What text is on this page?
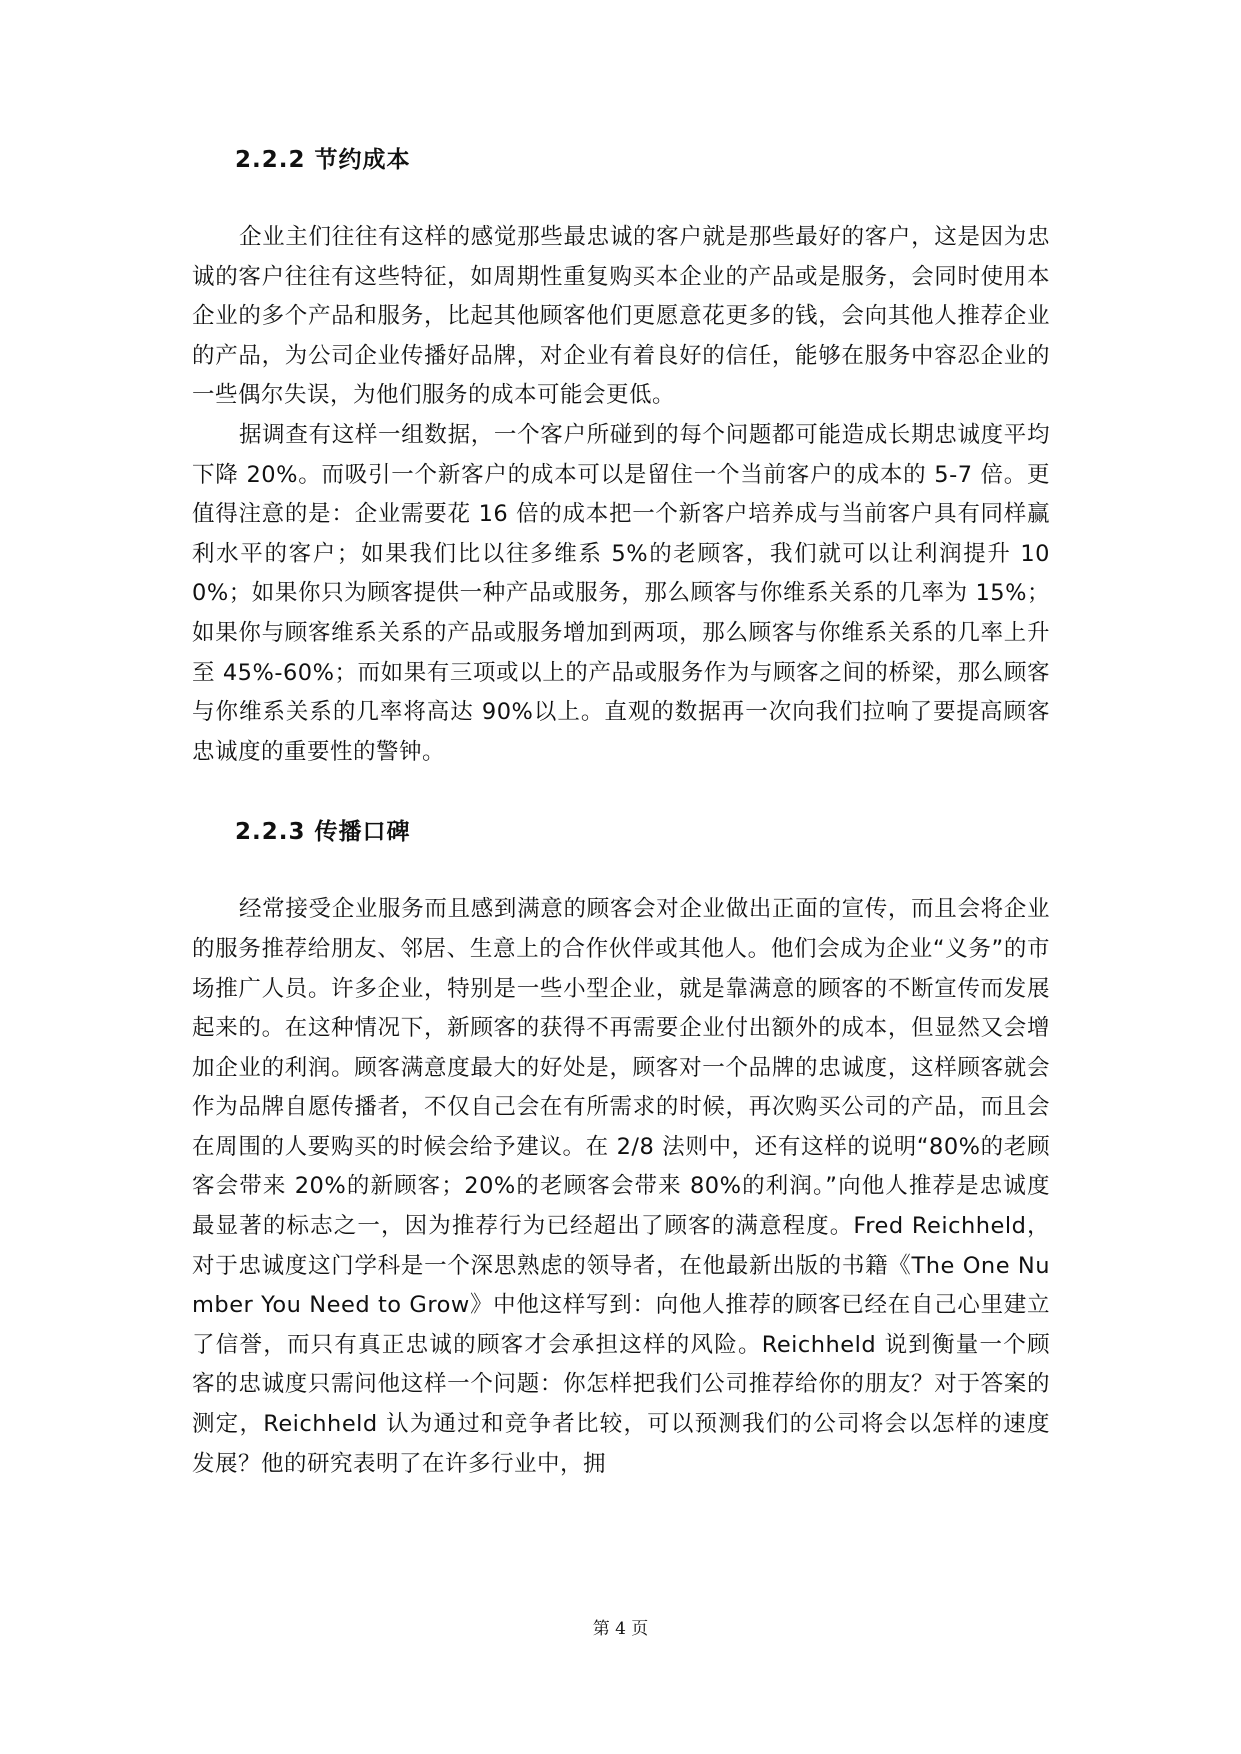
2.2.2 节约成本

企业主们往往有这样的感觉那些最忠诚的客户就是那些最好的客户，这是因为忠诚的客户往往有这些特征，如周期性重复购买本企业的产品或是服务，会同时使用本企业的多个产品和服务，比起其他顾客他们更愿意花更多的钱，会向其他人推荐企业的产品，为公司企业传播好品牌，对企业有着良好的信任，能够在服务中容忍企业的一些偶尔失误，为他们服务的成本可能会更低。

据调查有这样一组数据，一个客户所碰到的每个问题都可能造成长期忠诚度平均下降 20%。而吸引一个新客户的成本可以是留住一个当前客户的成本的 5-7 倍。更值得注意的是：企业需要花 16 倍的成本把一个新客户培养成与当前客户具有同样赢利水平的客户；如果我们比以往多维系 5%的老顾客，我们就可以让利润提升 100%；如果你只为顾客提供一种产品或服务，那么顾客与你维系关系的几率为 15%；如果你与顾客维系关系的产品或服务增加到两项，那么顾客与你维系关系的几率上升至 45%-60%；而如果有三项或以上的产品或服务作为与顾客之间的桥梁，那么顾客与你维系关系的几率将高达 90%以上。直观的数据再一次向我们拉响了要提高顾客忠诚度的重要性的警钟。

2.2.3 传播口碑

经常接受企业服务而且感到满意的顾客会对企业做出正面的宣传，而且会将企业的服务推荐给朋友、邻居、生意上的合作伙伴或其他人。他们会成为企业“义务”的市场推广人员。许多企业，特别是一些小型企业，就是靠满意的顾客的不断宣传而发展起来的。在这种情况下，新顾客的获得不再需要企业付出额外的成本，但显然又会增加企业的利润。顾客满意度最大的好处是，顾客对一个品牌的忠诚度，这样顾客就会作为品牌自愿传播者，不仅自己会在有所需求的时候，再次购买公司的产品，而且会在周围的人要购买的时候会给予建议。在 2/8 法则中，还有这样的说明“80%的老顾客会带来 20%的新顾客；20%的老顾客会带来 80%的利润。”向他人推荐是忠诚度最显著的标志之一，因为推荐行为已经超出了顾客的满意程度。Fred Reichheld，对于忠诚度这门学科是一个深思熟虑的领导者，在他最新出版的书籍《The One Number You Need to Grow》中他这样写到：向他人推荐的顾客已经在自己心里建立了信誉，而只有真正忠诚的顾客才会承担这样的风险。Reichheld 说到衡量一个顾客的忠诚度只需问他这样一个问题：你怎样把我们公司推荐给你的朋友？对于答案的测定，Reichheld 认为通过和竞争者比较，可以预测我们的公司将会以怎样的速度发展？他的研究表明了在许多行业中，拥

第 4 页
